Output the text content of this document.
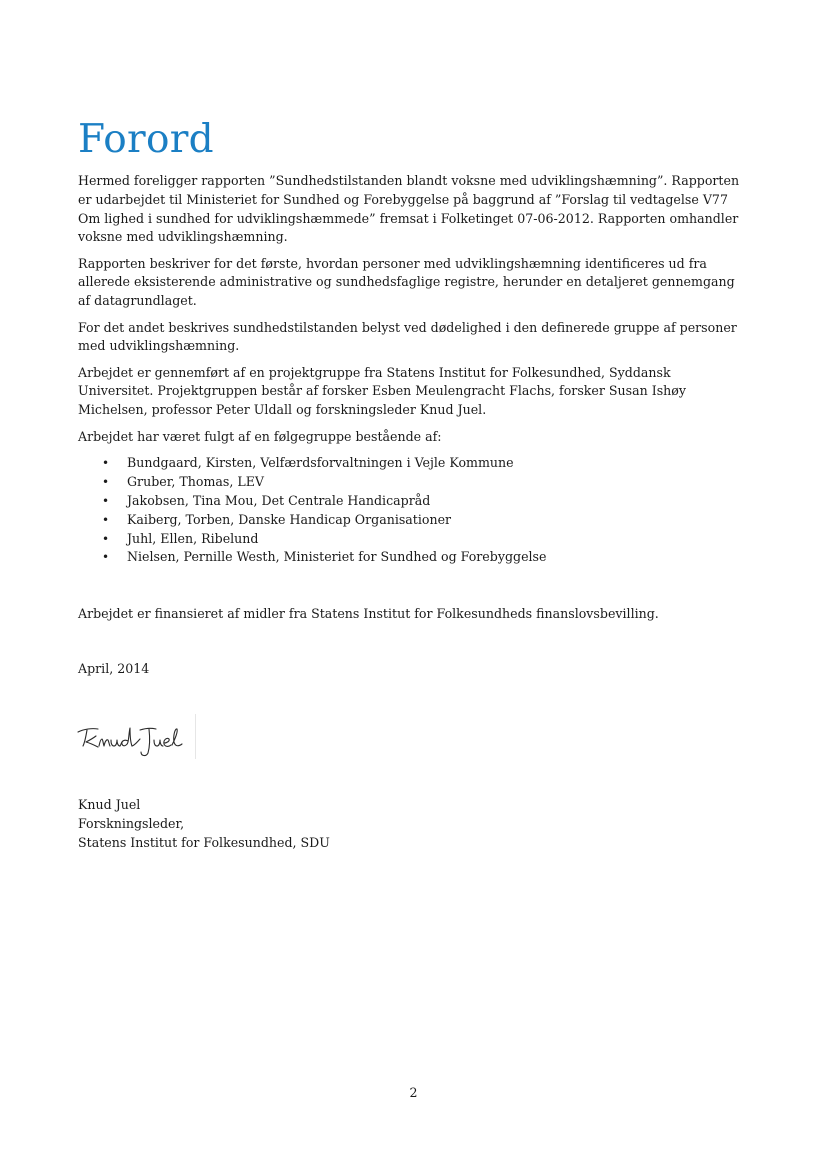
Forord

Hermed foreligger rapporten ”Sundhedstilstanden blandt voksne med udviklingshæmning”. Rapporten er udarbejdet til Ministeriet for Sundhed og Forebyggelse på baggrund af ”Forslag til vedtagelse V77 Om lighed i sundhed for udviklingshæmmede” fremsat i Folketinget 07-06-2012. Rapporten omhandler voksne med udviklingshæmning.

Rapporten beskriver for det første, hvordan personer med udviklingshæmning identificeres ud fra allerede eksisterende administrative og sundhedsfaglige registre, herunder en detaljeret gennemgang af datagrundlaget.

For det andet beskrives sundhedstilstanden belyst ved dødelighed i den definerede gruppe af personer med udviklingshæmning.

Arbejdet er gennemført af en projektgruppe fra Statens Institut for Folkesundhed, Syddansk Universitet. Projektgruppen består af forsker Esben Meulengracht Flachs, forsker Susan Ishøy Michelsen, professor Peter Uldall og forskningsleder Knud Juel.

Arbejdet har været fulgt af en følgegruppe bestående af:

• Bundgaard, Kirsten, Velfærdsforvaltningen i Vejle Kommune
• Gruber, Thomas, LEV
• Jakobsen, Tina Mou, Det Centrale Handicapråd
• Kaiberg, Torben, Danske Handicap Organisationer
• Juhl, Ellen, Ribelund
• Nielsen, Pernille Westh, Ministeriet for Sundhed og Forebyggelse

Arbejdet er finansieret af midler fra Statens Institut for Folkesundheds finanslovsbevilling.

April, 2014

Knud Juel
Forskningsleder,
Statens Institut for Folkesundhed, SDU
2
